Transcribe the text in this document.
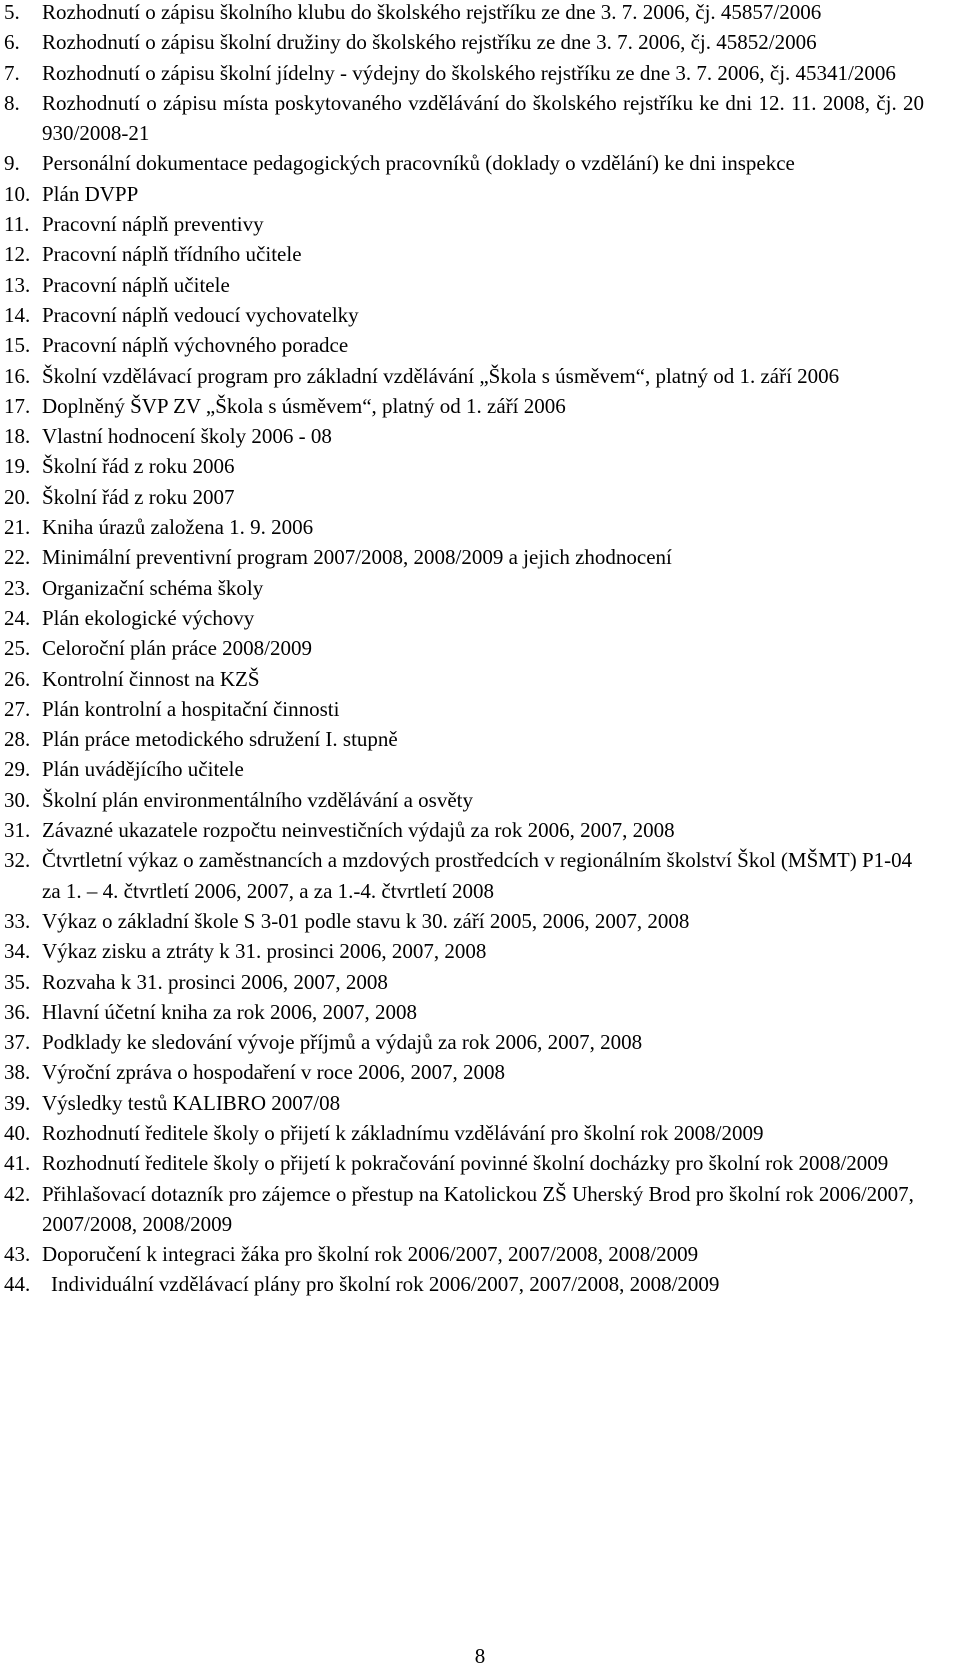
5.	Rozhodnutí o zápisu školního klubu do školského rejstříku ze dne 3. 7. 2006, čj. 45857/2006
6.	Rozhodnutí o zápisu školní družiny do školského rejstříku ze dne 3. 7. 2006, čj. 45852/2006
7.	Rozhodnutí o zápisu školní jídelny - výdejny do školského rejstříku ze dne 3. 7. 2006, čj. 45341/2006
8.	Rozhodnutí o zápisu místa poskytovaného vzdělávání do školského rejstříku ke dni 12. 11. 2008, čj. 20 930/2008-21
9.	Personální dokumentace pedagogických pracovníků (doklady o vzdělání) ke dni inspekce
10. Plán DVPP
11. Pracovní náplň preventivy
12. Pracovní náplň třídního učitele
13. Pracovní náplň učitele
14. Pracovní náplň vedoucí vychovatelky
15. Pracovní náplň výchovného poradce
16. Školní vzdělávací program pro základní vzdělávání „Škola s úsměvem“, platný od 1. září 2006
17. Doplněný ŠVP ZV „Škola s úsměvem“, platný od 1. září 2006
18. Vlastní hodnocení školy 2006 - 08
19. Školní řád z roku 2006
20. Školní řád z roku 2007
21. Kniha úrazů založena 1. 9. 2006
22. Minimální preventivní program 2007/2008, 2008/2009 a jejich zhodnocení
23. Organizační schéma školy
24. Plán ekologické výchovy
25. Celoroční plán práce 2008/2009
26. Kontrolní činnost na KZŠ
27. Plán kontrolní a hospitační činnosti
28. Plán práce metodického sdružení I. stupně
29. Plán uvádějícího učitele
30. Školní plán environmentálního vzdělávání a osvěty
31. Závazné ukazatele rozpočtu neinvestičních výdajů za rok 2006, 2007, 2008
32. Čtvrtletní výkaz o zaměstnancích a mzdových prostředcích v regionálním školství Škol (MŠMT) P1-04 za 1. – 4. čtvrtletí 2006, 2007, a za 1.-4. čtvrtletí 2008
33. Výkaz o základní škole S 3-01 podle stavu k 30. září 2005, 2006, 2007, 2008
34. Výkaz zisku a ztráty k 31. prosinci 2006, 2007, 2008
35. Rozvaha k 31. prosinci 2006, 2007, 2008
36. Hlavní účetní kniha za rok 2006, 2007, 2008
37. Podklady ke sledování vývoje příjmů a výdajů za rok 2006, 2007, 2008
38. Výroční zpráva o hospodaření v roce 2006, 2007, 2008
39. Výsledky testů KALIBRO 2007/08
40. Rozhodnutí ředitele školy o přijetí k základnímu vzdělávání pro školní rok 2008/2009
41. Rozhodnutí ředitele školy o přijetí k pokračování povinné školní docházky pro školní rok 2008/2009
42. Přihlašovací dotazník pro zájemce o přestup na Katolickou ZŠ Uherský Brod pro školní rok 2006/2007, 2007/2008, 2008/2009
43. Doporučení k integraci žáka pro školní rok 2006/2007, 2007/2008, 2008/2009
44. Individuální vzdělávací plány pro školní rok 2006/2007, 2007/2008, 2008/2009
8
